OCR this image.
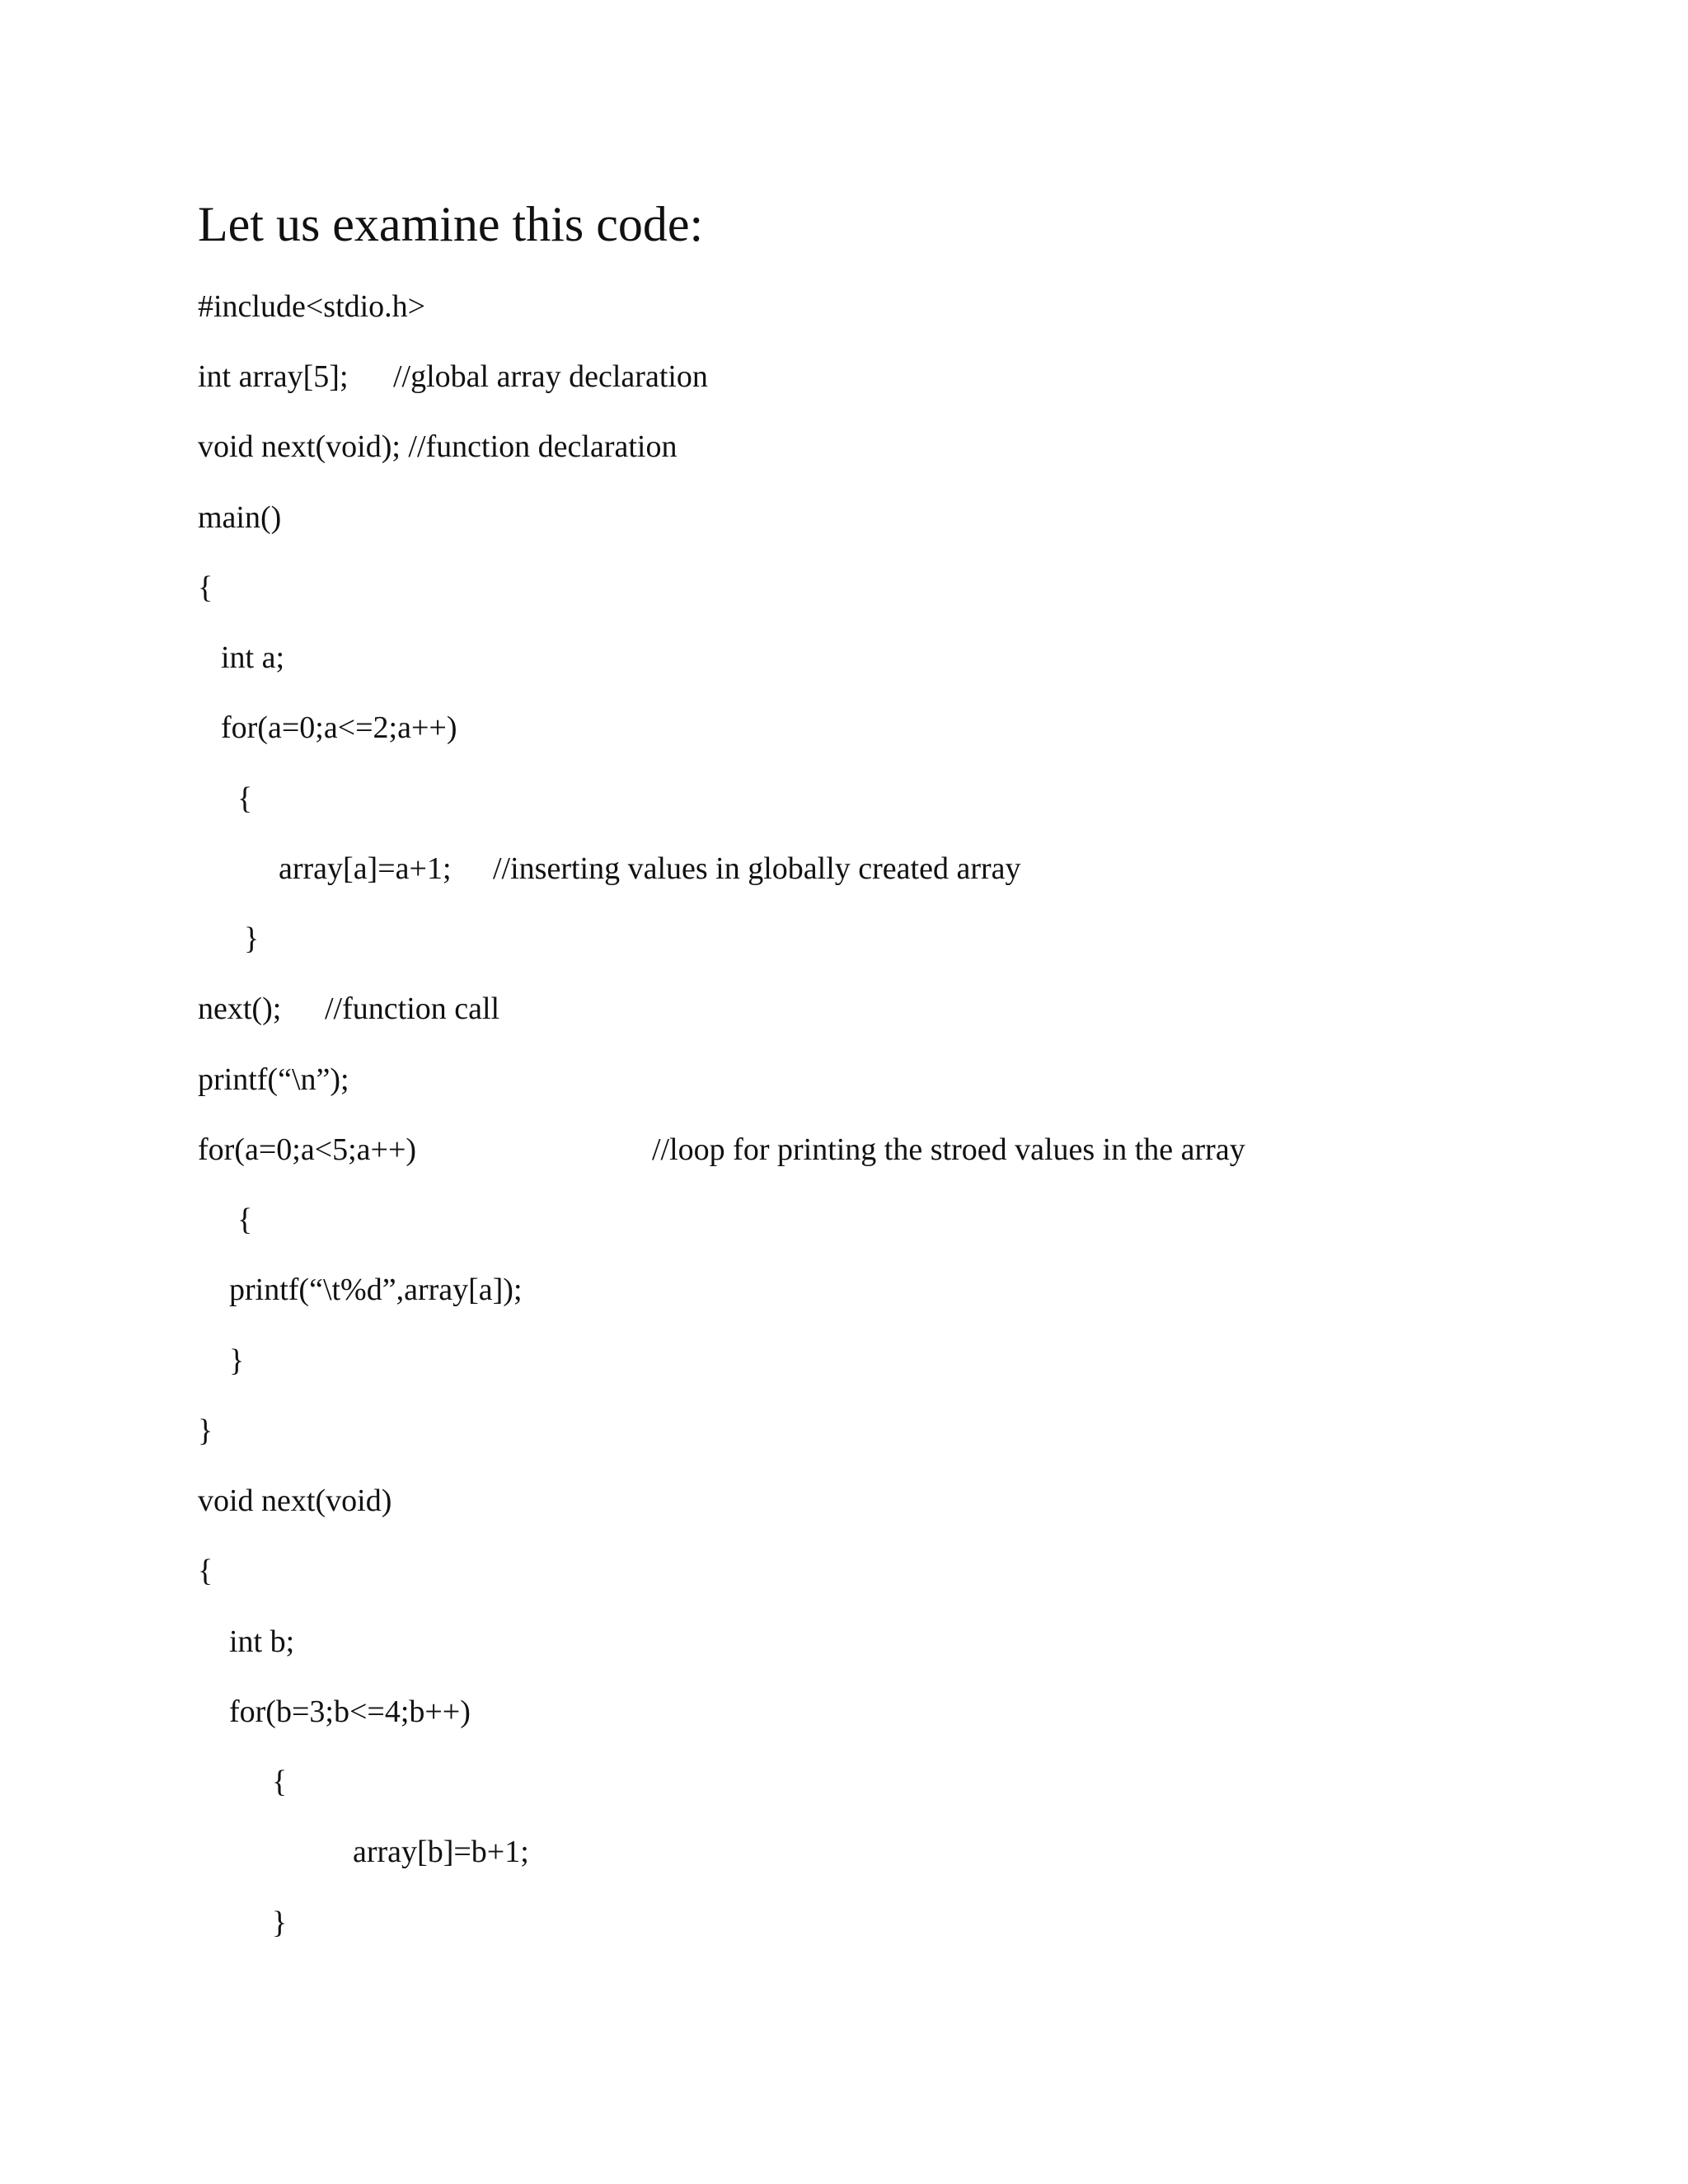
Let us examine this code:
#include<stdio.h>
int array[5]; //global array declaration
void next(void); //function declaration
main()
{
int a;
for(a=0;a<=2;a++)
{
array[a]=a+1; //inserting values in globally created array
}
next(); //function call
printf(“\n”);
for(a=0;a<5;a++)	//loop for printing the stroed values in the array
{
printf(“\t%d”,array[a]);
}
}
void next(void)
{
int b;
for(b=3;b<=4;b++)
{
array[b]=b+1;
}
